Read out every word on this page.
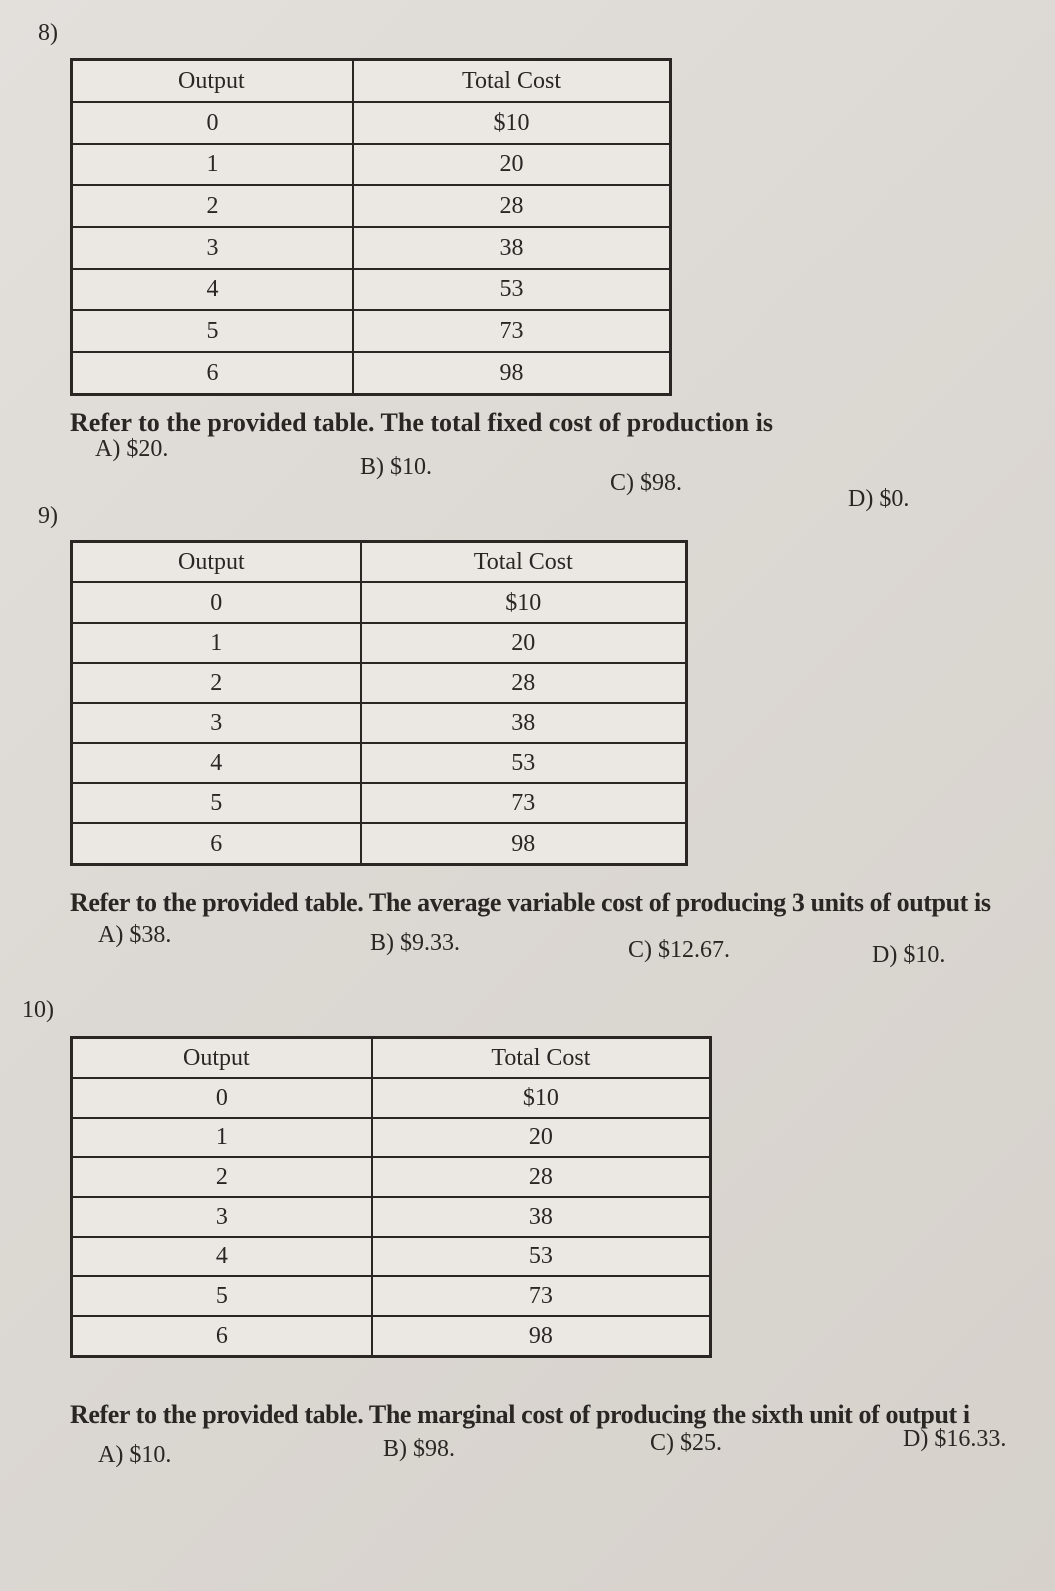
8)
Output	Total Cost
0	$10
1	20
2	28
3	38
4	53
5	73
6	98
Refer to the provided table. The total fixed cost of production is
A) $20.
B) $10.
C) $98.
D) $0.
9)
Output	Total Cost
0	$10
1	20
2	28
3	38
4	53
5	73
6	98
Refer to the provided table. The average variable cost of producing 3 units of output is
A) $38.	B) $9.33.	C) $12.67.	D) $10.
10)
Output	Total Cost
0	$10
1	20
2	28
3	38
4	53
5	73
6	98
Refer to the provided table. The marginal cost of producing the sixth unit of output i
A) $10.	B) $98.	C) $25.	D) $16.33.
